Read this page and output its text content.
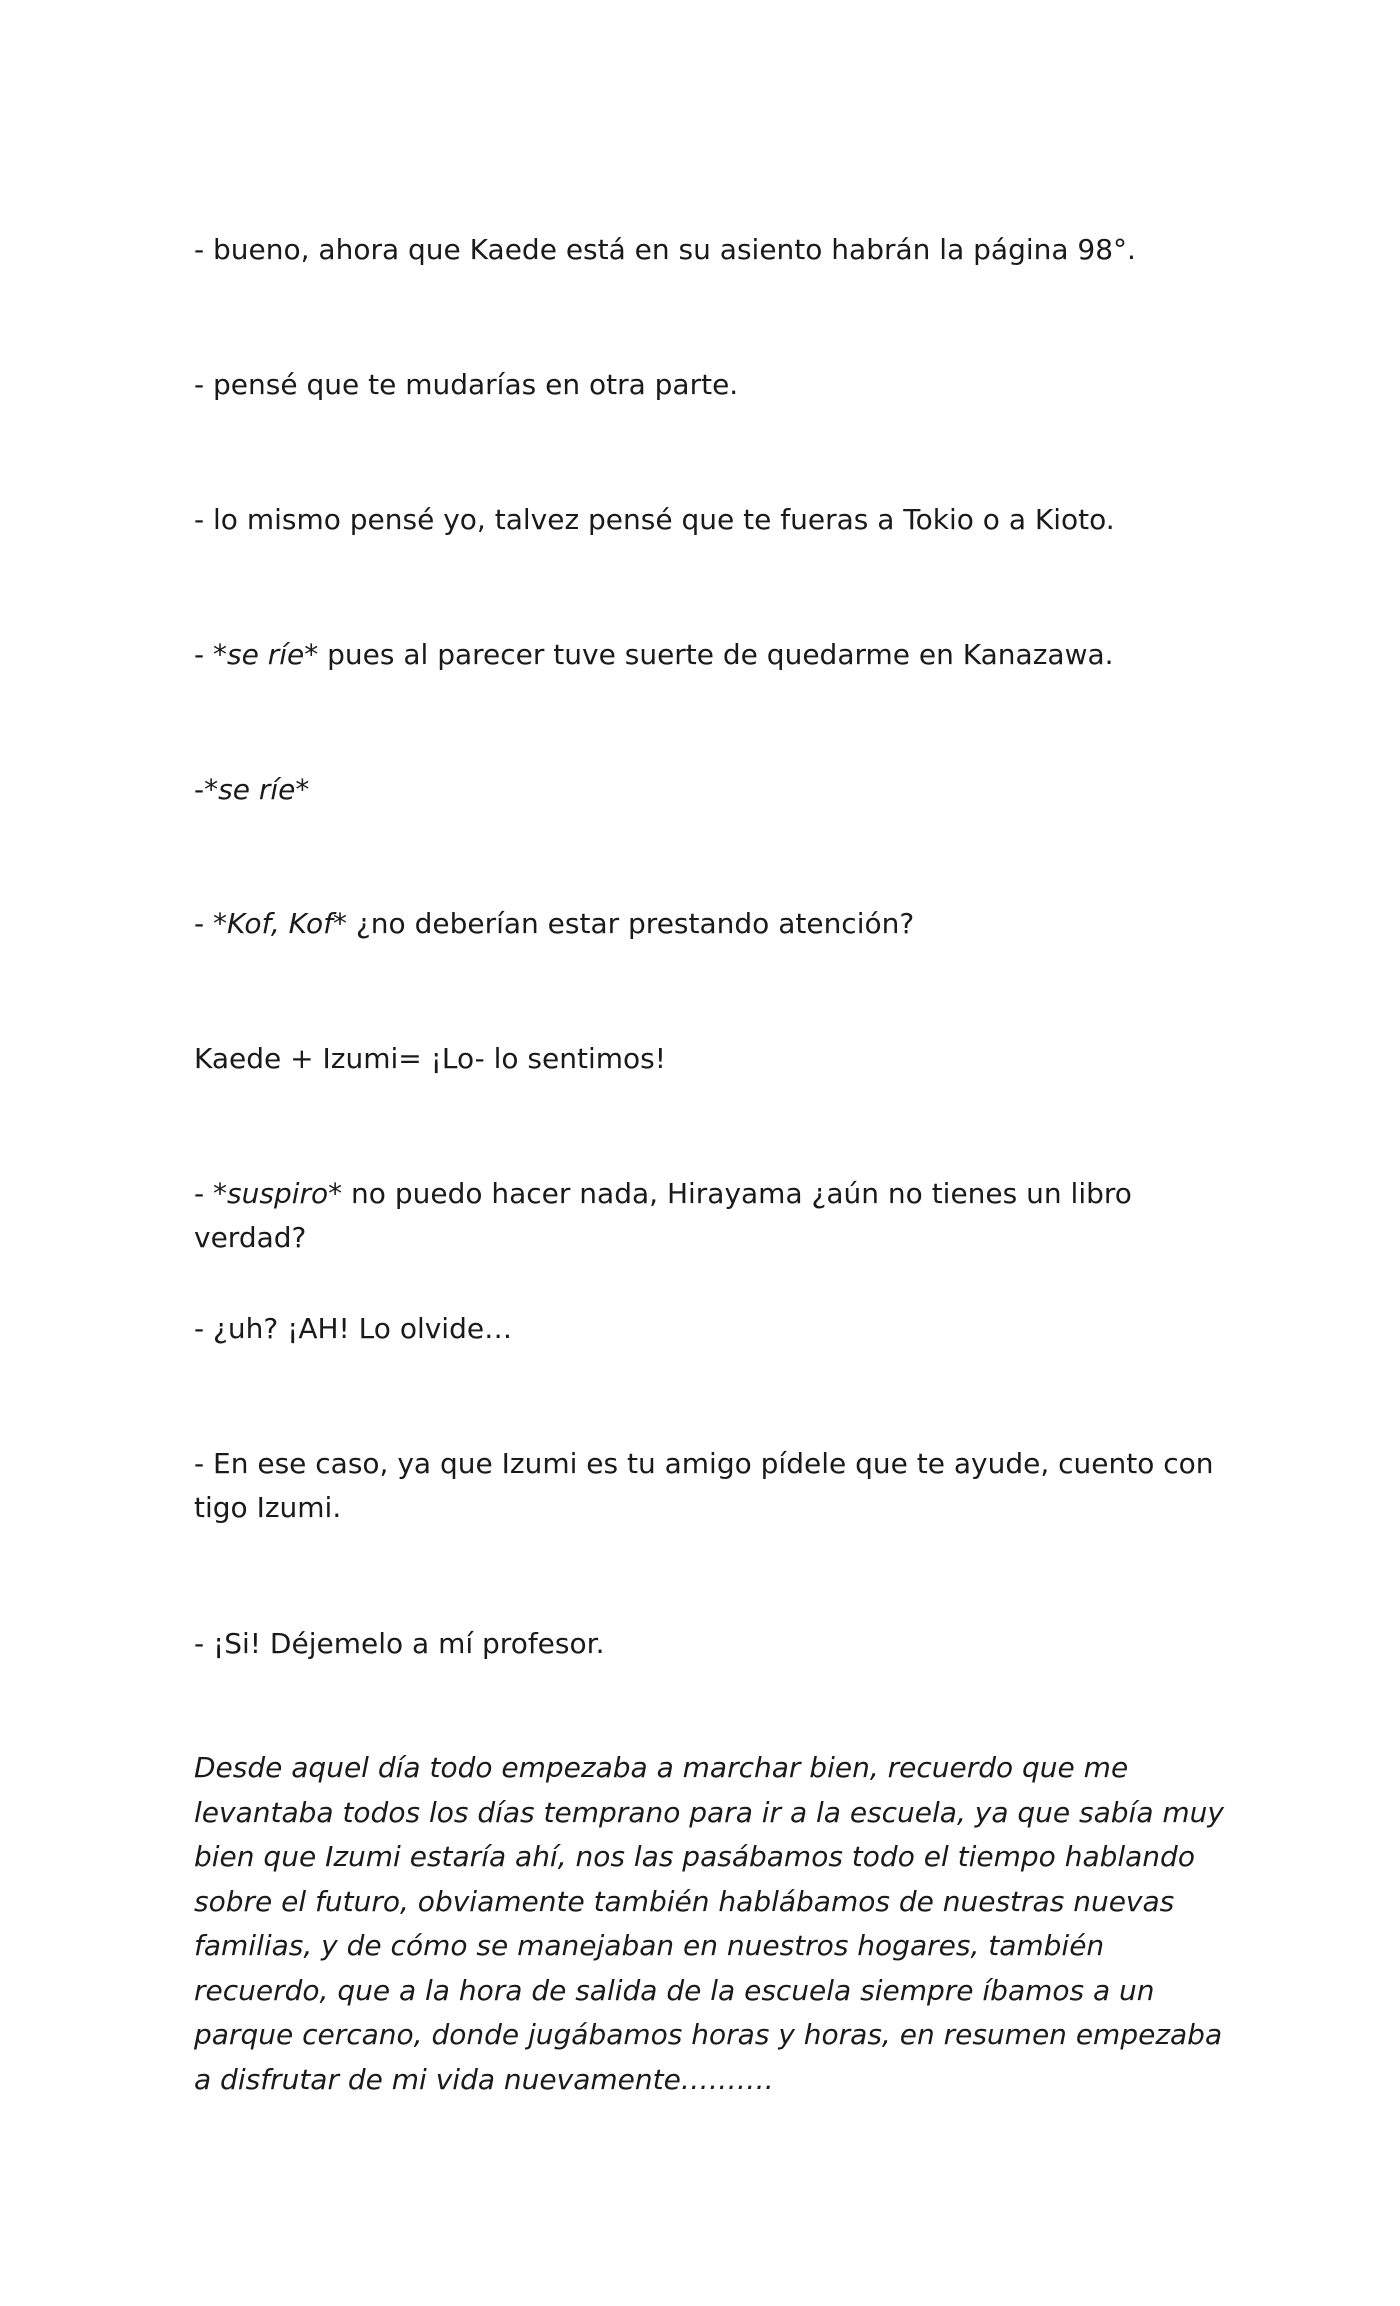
- bueno, ahora que Kaede está en su asiento habrán la página 98°.

- pensé que te mudarías en otra parte.

- lo mismo pensé yo, talvez pensé que te fueras a Tokio o a Kioto.

- *se ríe* pues al parecer tuve suerte de quedarme en Kanazawa.

-*se ríe*

- *Kof, Kof* ¿no deberían estar prestando atención?

Kaede + Izumi= ¡Lo- lo sentimos!

- *suspiro* no puedo hacer nada, Hirayama ¿aún no tienes un libro verdad?

- ¿uh? ¡AH! Lo olvide…

- En ese caso, ya que Izumi es tu amigo pídele que te ayude, cuento con tigo Izumi.

- ¡Si! Déjemelo a mí profesor.

Desde aquel día todo empezaba a marchar bien, recuerdo que me levantaba todos los días temprano para ir a la escuela, ya que sabía muy bien que Izumi estaría ahí, nos las pasábamos todo el tiempo hablando sobre el futuro, obviamente también hablábamos de nuestras nuevas familias, y de cómo se manejaban en nuestros hogares, también recuerdo, que a la hora de salida de la escuela siempre íbamos a un parque cercano, donde jugábamos horas y horas, en resumen empezaba a disfrutar de mi vida nuevamente……….
